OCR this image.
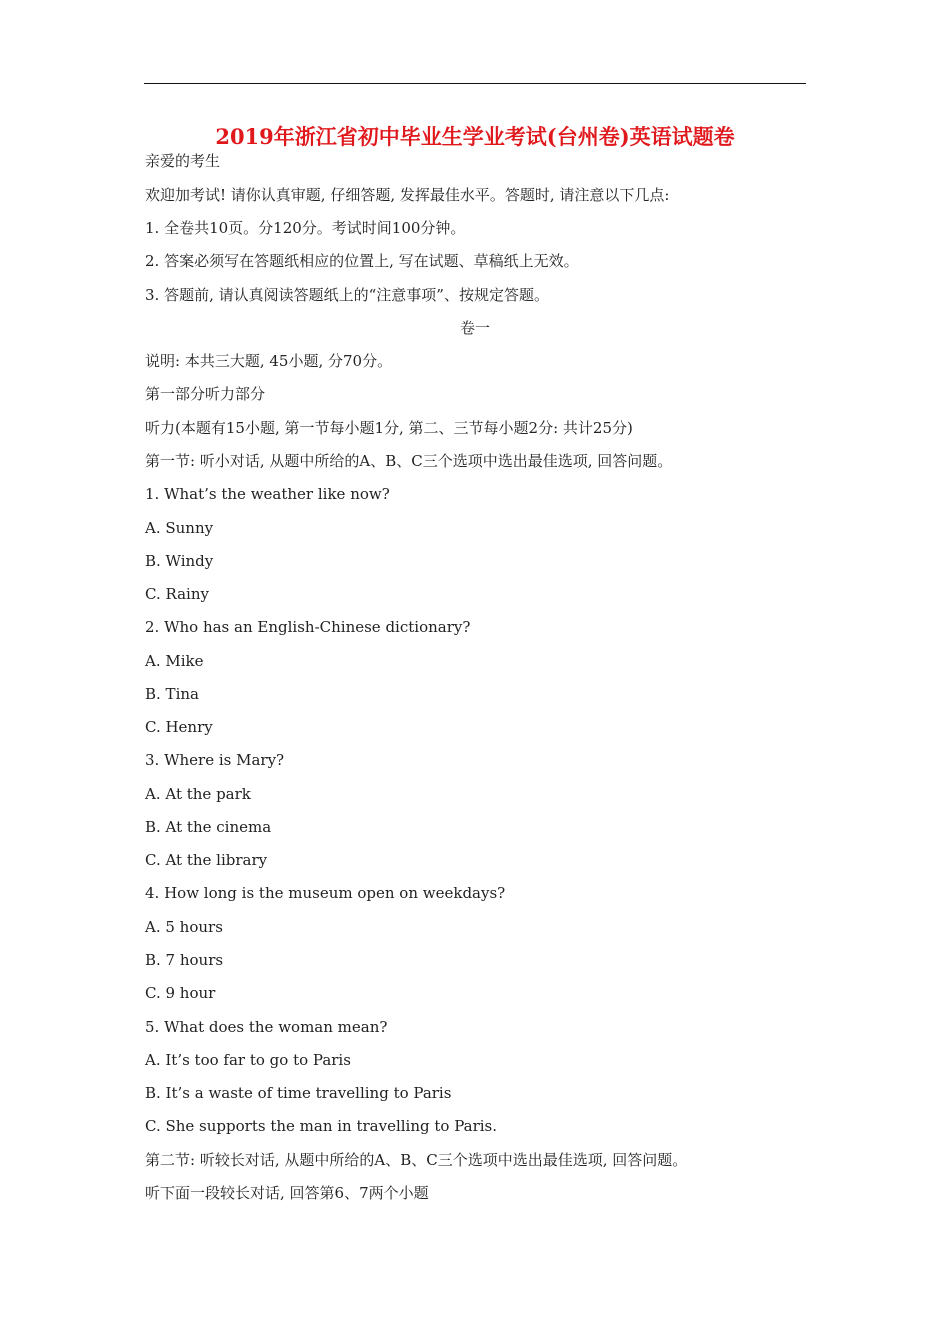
2019年浙江省初中毕业生学业考试(台州卷)英语试题卷
亲爱的考生
欢迎加考试! 请你认真审题, 仔细答题, 发挥最佳水平。答题时, 请注意以下几点:
1. 全卷共10页。分120分。考试时间100分钟。
2. 答案必须写在答题纸相应的位置上, 写在试题、草稿纸上无效。
3. 答题前, 请认真阅读答题纸上的“注意事项”、按规定答题。
卷一
说明: 本共三大题, 45小题, 分70分。
第一部分听力部分
听力(本题有15小题, 第一节每小题1分, 第二、三节每小题2分: 共计25分)
第一节: 听小对话, 从题中所给的A、B、C三个选项中选出最佳选项, 回答问题。
1. What’s the weather like now?
A. Sunny
B. Windy
C. Rainy
2. Who has an English-Chinese dictionary?
A. Mike
B. Tina
C. Henry
3. Where is Mary?
A. At the park
B. At the cinema
C. At the library
4. How long is the museum open on weekdays?
A. 5 hours
B. 7 hours
C. 9 hour
5. What does the woman mean?
A. It’s too far to go to Paris
B. It’s a waste of time travelling to Paris
C. She supports the man in travelling to Paris.
第二节: 听较长对话, 从题中所给的A、B、C三个选项中选出最佳选项, 回答问题。
听下面一段较长对话, 回答第6、7两个小题
